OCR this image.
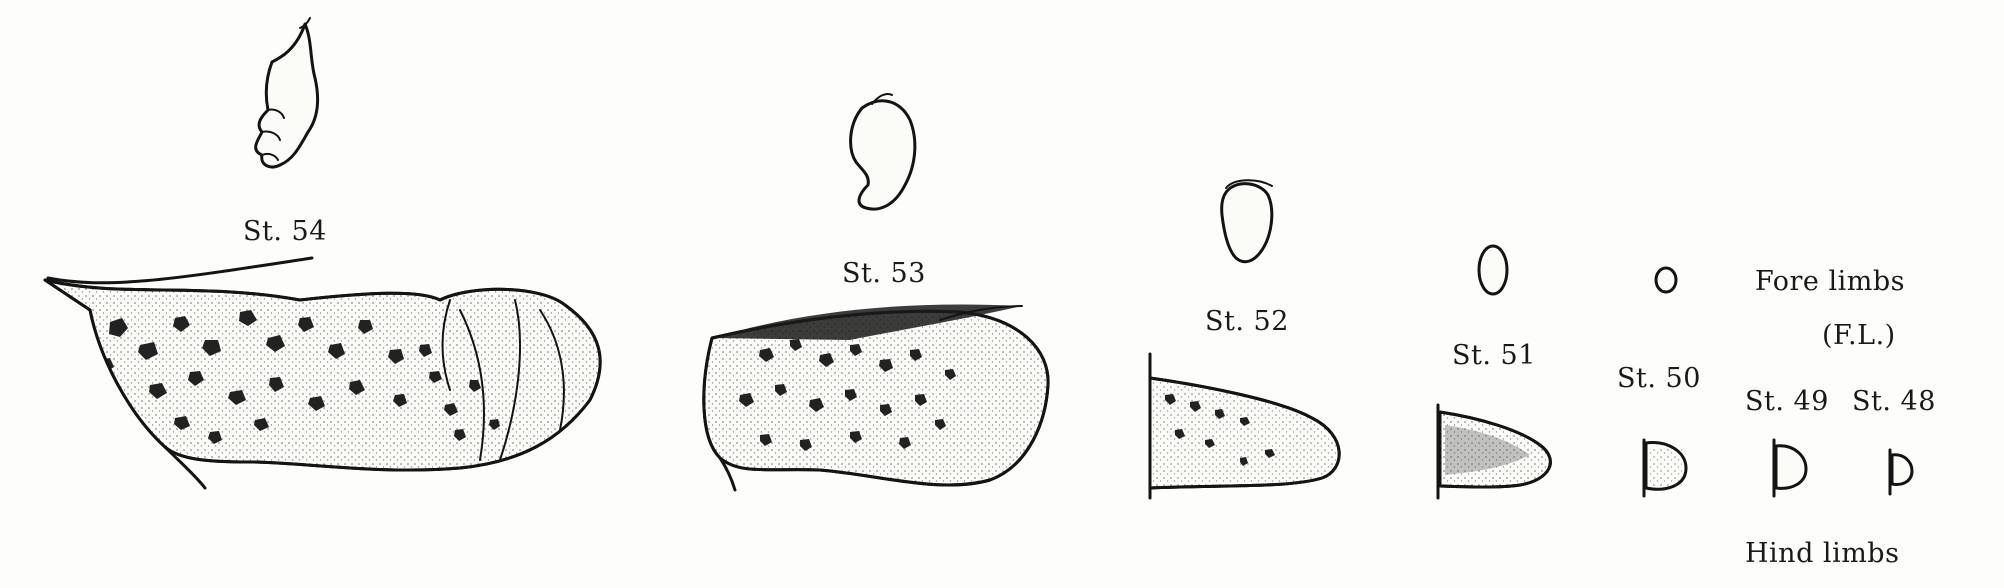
St. 54
St. 53
St. 52
St. 51
St. 50
St. 49 St. 48
Fore limbs
(F.L.)
Hind limbs
